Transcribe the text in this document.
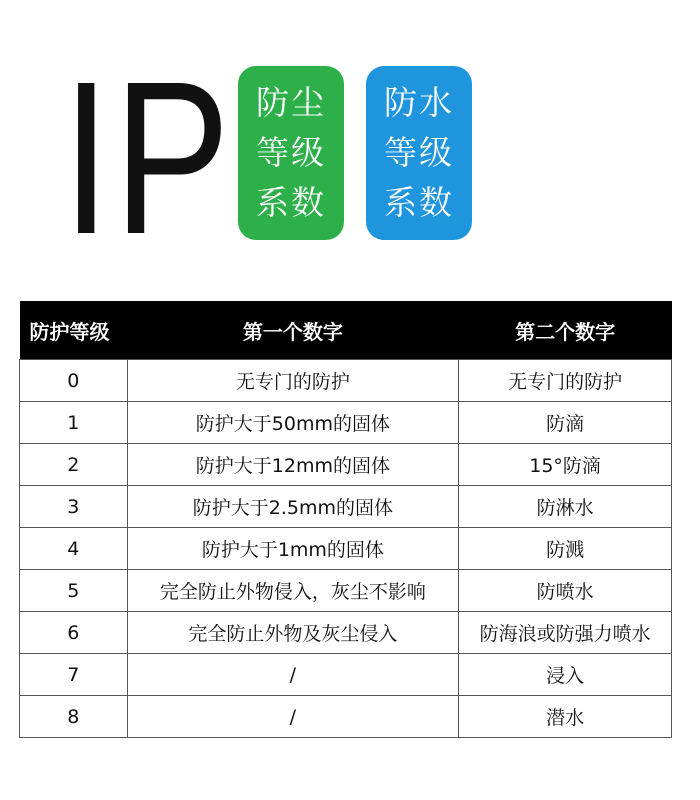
IP 防尘
等级
系数
防水
等级
系数
防护等级	第一个数字	第二个数字
0	无专门的防护	无专门的防护
1	防护大于50mm的固体	防滴
2	防护大于12mm的固体	15°防滴
3	防护大于2.5mm的固体	防淋水
4	防护大于1mm的固体	防溅
5	完全防止外物侵入，灰尘不影响	防喷水
6	完全防止外物及灰尘侵入	防海浪或防强力喷水
7	/	浸入
8	/	潜水
